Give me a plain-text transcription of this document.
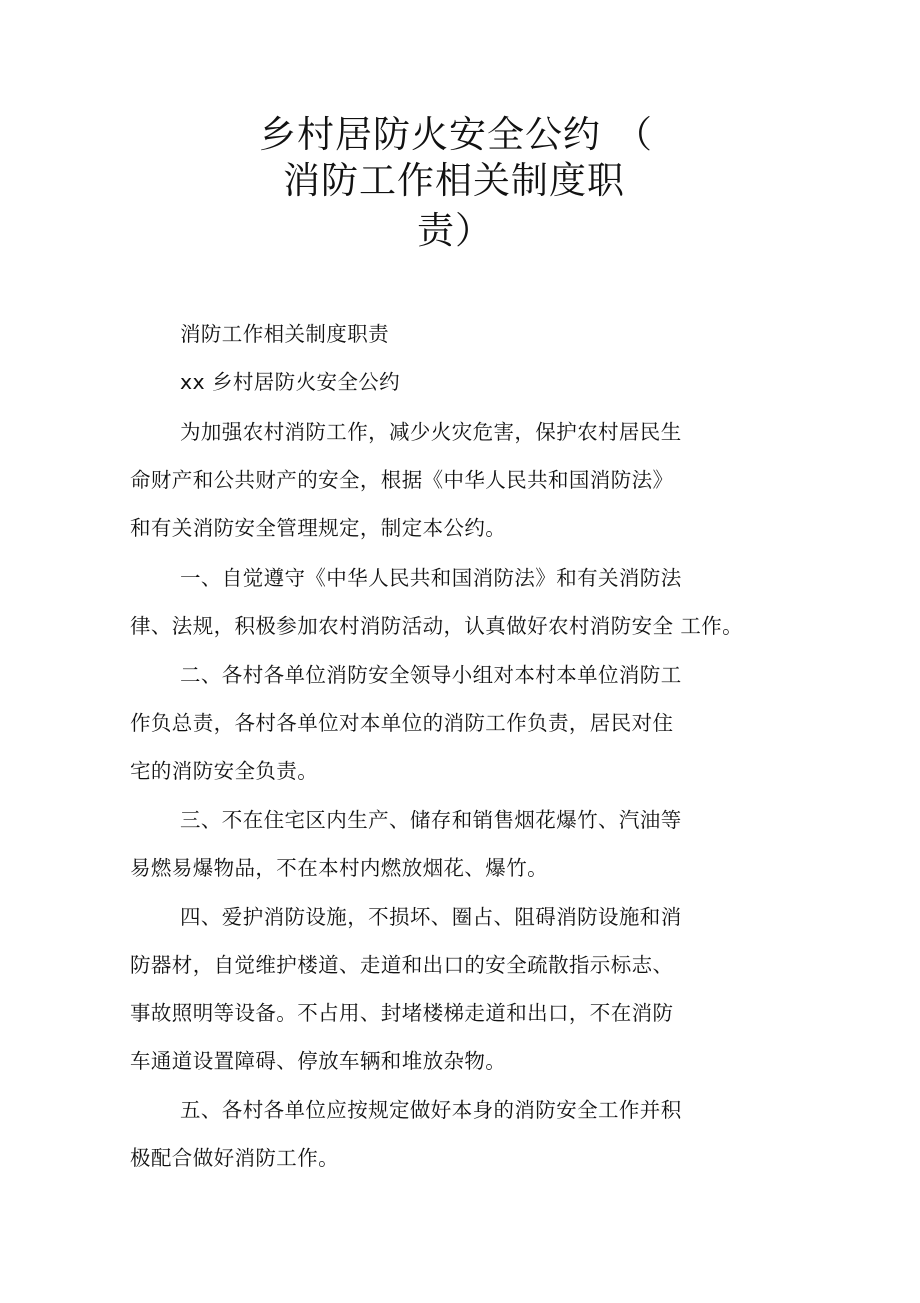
乡村居防火安全公约 （
消防工作相关制度职
责）
消防工作相关制度职责
xx 乡村居防火安全公约
为加强农村消防工作，减少火灾危害，保护农村居民生
命财产和公共财产的安全，根据《中华人民共和国消防法》
和有关消防安全管理规定，制定本公约。
一、自觉遵守《中华人民共和国消防法》和有关消防法
律、法规，积极参加农村消防活动，认真做好农村消防安全 工作。
二、各村各单位消防安全领导小组对本村本单位消防工
作负总责，各村各单位对本单位的消防工作负责，居民对住
宅的消防安全负责。
三、不在住宅区内生产、储存和销售烟花爆竹、汽油等
易燃易爆物品，不在本村内燃放烟花、爆竹。
四、爱护消防设施，不损坏、圈占、阻碍消防设施和消
防器材，自觉维护楼道、走道和出口的安全疏散指示标志、
事故照明等设备。不占用、封堵楼梯走道和出口，不在消防
车通道设置障碍、停放车辆和堆放杂物。
五、各村各单位应按规定做好本身的消防安全工作并积
极配合做好消防工作。
